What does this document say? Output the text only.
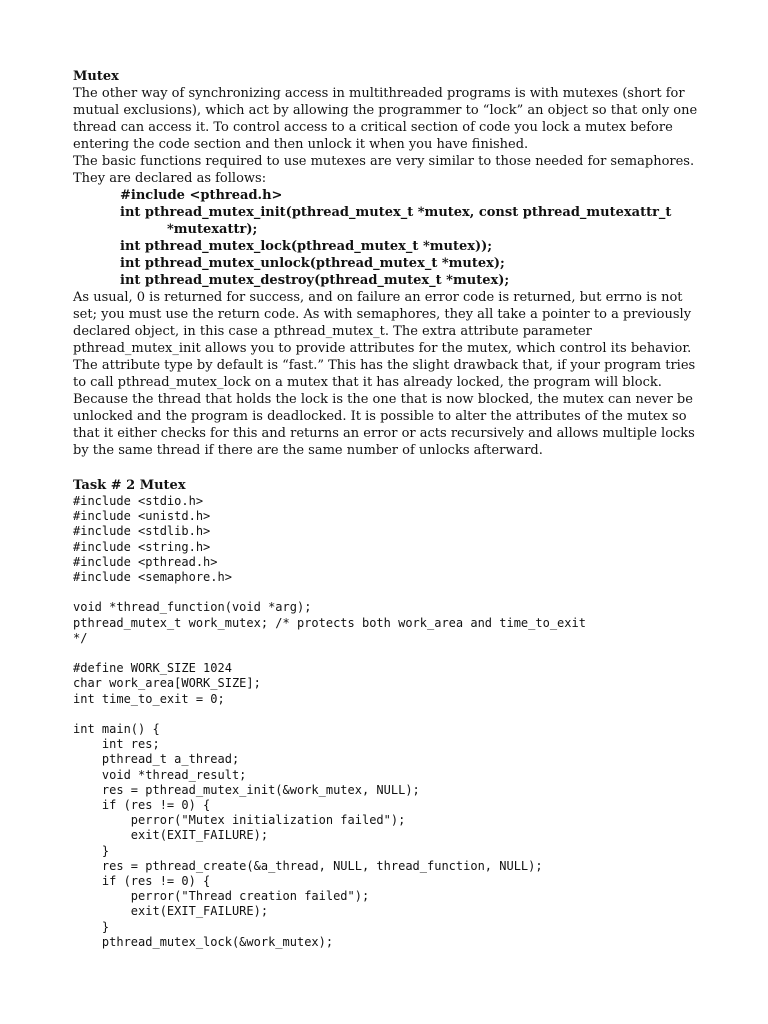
Mutex

The other way of synchronizing access in multithreaded programs is with mutexes (short for mutual exclusions), which act by allowing the programmer to “lock” an object so that only one thread can access it. To control access to a critical section of code you lock a mutex before entering the code section and then unlock it when you have finished.

The basic functions required to use mutexes are very similar to those needed for semaphores. They are declared as follows:

#include <pthread.h>

int pthread_mutex_init(pthread_mutex_t *mutex, const pthread_mutexattr_t

*mutexattr);

int pthread_mutex_lock(pthread_mutex_t *mutex));

int pthread_mutex_unlock(pthread_mutex_t *mutex);

int pthread_mutex_destroy(pthread_mutex_t *mutex);

As usual, 0 is returned for success, and on failure an error code is returned, but errno is not set; you must use the return code. As with semaphores, they all take a pointer to a previously declared object, in this case a pthread_mutex_t. The extra attribute parameter pthread_mutex_init allows you to provide attributes for the mutex, which control its behavior. The attribute type by default is “fast.” This has the slight drawback that, if your program tries to call pthread_mutex_lock on a mutex that it has already locked, the program will block. Because the thread that holds the lock is the one that is now blocked, the mutex can never be unlocked and the program is deadlocked. It is possible to alter the attributes of the mutex so that it either checks for this and returns an error or acts recursively and allows multiple locks by the same thread if there are the same number of unlocks afterward.

Task # 2 Mutex

#include <stdio.h>
#include <unistd.h>
#include <stdlib.h>
#include <string.h>
#include <pthread.h>
#include <semaphore.h>
void *thread_function(void *arg);
pthread_mutex_t work_mutex; /* protects both work_area and time_to_exit
*/
#define WORK_SIZE 1024
char work_area[WORK_SIZE];
int time_to_exit = 0;
int main() {
int res;
pthread_t a_thread;
void *thread_result;
res = pthread_mutex_init(&work_mutex, NULL);
if (res != 0) {
perror("Mutex initialization failed");
exit(EXIT_FAILURE);
}
res = pthread_create(&a_thread, NULL, thread_function, NULL);
if (res != 0) {
perror("Thread creation failed");
exit(EXIT_FAILURE);
}
pthread_mutex_lock(&work_mutex);
